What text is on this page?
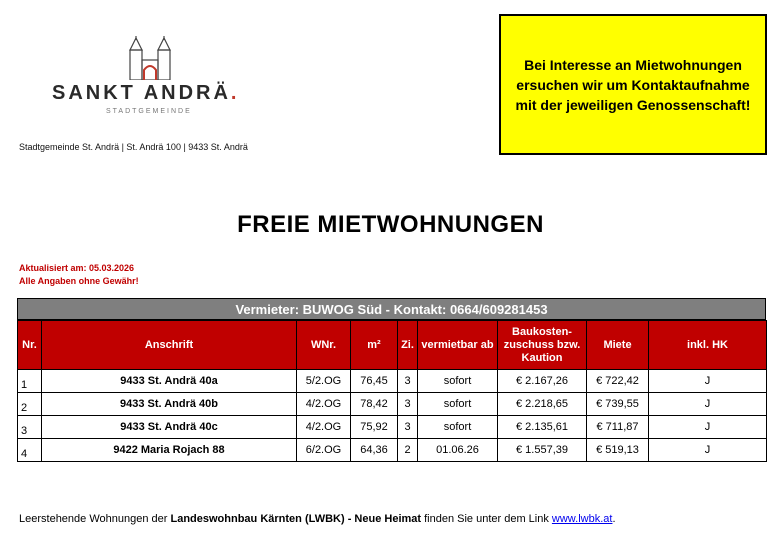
SANKT ANDRÄ.
STADTGEMEINDE
Stadtgemeinde St. Andrä | St. Andrä 100 | 9433 St. Andrä
Bei Interesse an Mietwohnungen ersuchen wir um Kontaktaufnahme mit der jeweiligen Genossenschaft!
FREIE MIETWOHNUNGEN
Aktualisiert am: 05.03.2026
Alle Angaben ohne Gewähr!
Vermieter: BUWOG Süd - Kontakt: 0664/609281453
Nr.	Anschrift	WNr.	m²	Zi.	vermietbar ab	Baukosten-zuschuss bzw. Kaution	Miete	inkl. HK
1	9433 St. Andrä 40a	5/2.OG	76,45	3	sofort	€ 2.167,26	€ 722,42	J
2	9433 St. Andrä 40b	4/2.OG	78,42	3	sofort	€ 2.218,65	€ 739,55	J
3	9433 St. Andrä 40c	4/2.OG	75,92	3	sofort	€ 2.135,61	€ 711,87	J
4	9422 Maria Rojach 88	6/2.OG	64,36	2	01.06.26	€ 1.557,39	€ 519,13	J
Leerstehende Wohnungen der Landeswohnbau Kärnten (LWBK) - Neue Heimat finden Sie unter dem Link www.lwbk.at.
